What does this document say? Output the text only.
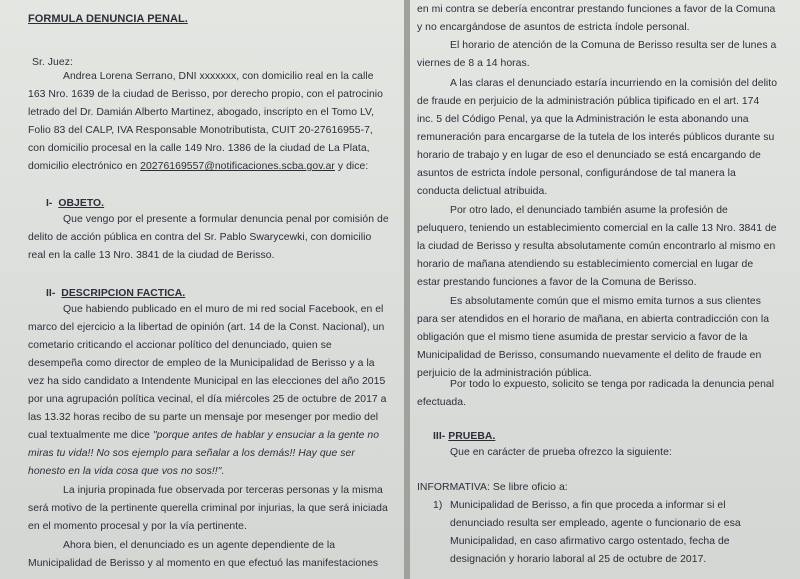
FORMULA DENUNCIA PENAL.
Sr. Juez:
Andrea Lorena Serrano, DNI xxxxxxx, con domicilio real en la calle
163 Nro. 1639 de la ciudad de Berisso, por derecho propio, con el patrocinio
letrado del Dr. Damián Alberto Martinez, abogado, inscripto en el Tomo LV,
Folio 83 del CALP, IVA Responsable Monotributista, CUIT 20-27616955-7,
con domicilio procesal en la calle 149 Nro. 1386 de la ciudad de La Plata,
domicilio electrónico en 20276169557@notificaciones.scba.gov.ar y dice:
I- OBJETO.
Que vengo por el presente a formular denuncia penal por comisión de
delito de acción pública en contra del Sr. Pablo Swarycewki, con domicilio
real en la calle 13 Nro. 3841 de la ciudad de Berisso.
II- DESCRIPCION FACTICA.
Que habiendo publicado en el muro de mi red social Facebook, en el
marco del ejercicio a la libertad de opinión (art. 14 de la Const. Nacional), un
cometario criticando el accionar político del denunciado, quien se
desempeña como director de empleo de la Municipalidad de Berisso y a la
vez ha sido candidato a Intendente Municipal en las elecciones del año 2015
por una agrupación política vecinal, el día miércoles 25 de octubre de 2017 a
las 13.32 horas recibo de su parte un mensaje por mesenger por medio del
cual textualmente me dice "porque antes de hablar y ensuciar a la gente no
miras tu vida!! No sos ejemplo para señalar a los demás!! Hay que ser
honesto en la vida cosa que vos no sos!!".
La injuria propinada fue observada por terceras personas y la misma
será motivo de la pertinente querella criminal por injurias, la que será iniciada
en el momento procesal y por la vía pertinente.
Ahora bien, el denunciado es un agente dependiente de la
Municipalidad de Berisso y al momento en que efectuó las manifestaciones
en mi contra se debería encontrar prestando funciones a favor de la Comuna
y no encargándose de asuntos de estricta índole personal.
El horario de atención de la Comuna de Berisso resulta ser de lunes a
viernes de 8 a 14 horas.
A las claras el denunciado estaría incurriendo en la comisión del delito
de fraude en perjuicio de la administración pública tipificado en el art. 174
inc. 5 del Código Penal, ya que la Administración le esta abonando una
remuneración para encargarse de la tutela de los interés públicos durante su
horario de trabajo y en lugar de eso el denunciado se está encargando de
asuntos de estricta índole personal, configurándose de tal manera la
conducta delictual atribuida.
Por otro lado, el denunciado también asume la profesión de
peluquero, teniendo un establecimiento comercial en la calle 13 Nro. 3841 de
la ciudad de Berisso y resulta absolutamente común encontrarlo al mismo en
horario de mañana atendiendo su establecimiento comercial en lugar de
estar prestando funciones a favor de la Comuna de Berisso.
Es absolutamente común que el mismo emita turnos a sus clientes
para ser atendidos en el horario de mañana, en abierta contradicción con la
obligación que el mismo tiene asumida de prestar servicio a favor de la
Municipalidad de Berisso, consumando nuevamente el delito de fraude en
perjuicio de la administración pública.
Por todo lo expuesto, solicito se tenga por radicada la denuncia penal
efectuada.
III- PRUEBA.
Que en carácter de prueba ofrezco la siguiente:
INFORMATIVA: Se libre oficio a:
1) Municipalidad de Berisso, a fin que proceda a informar si el
denunciado resulta ser empleado, agente o funcionario de esa
Municipalidad, en caso afirmativo cargo ostentado, fecha de
designación y horario laboral al 25 de octubre de 2017.
